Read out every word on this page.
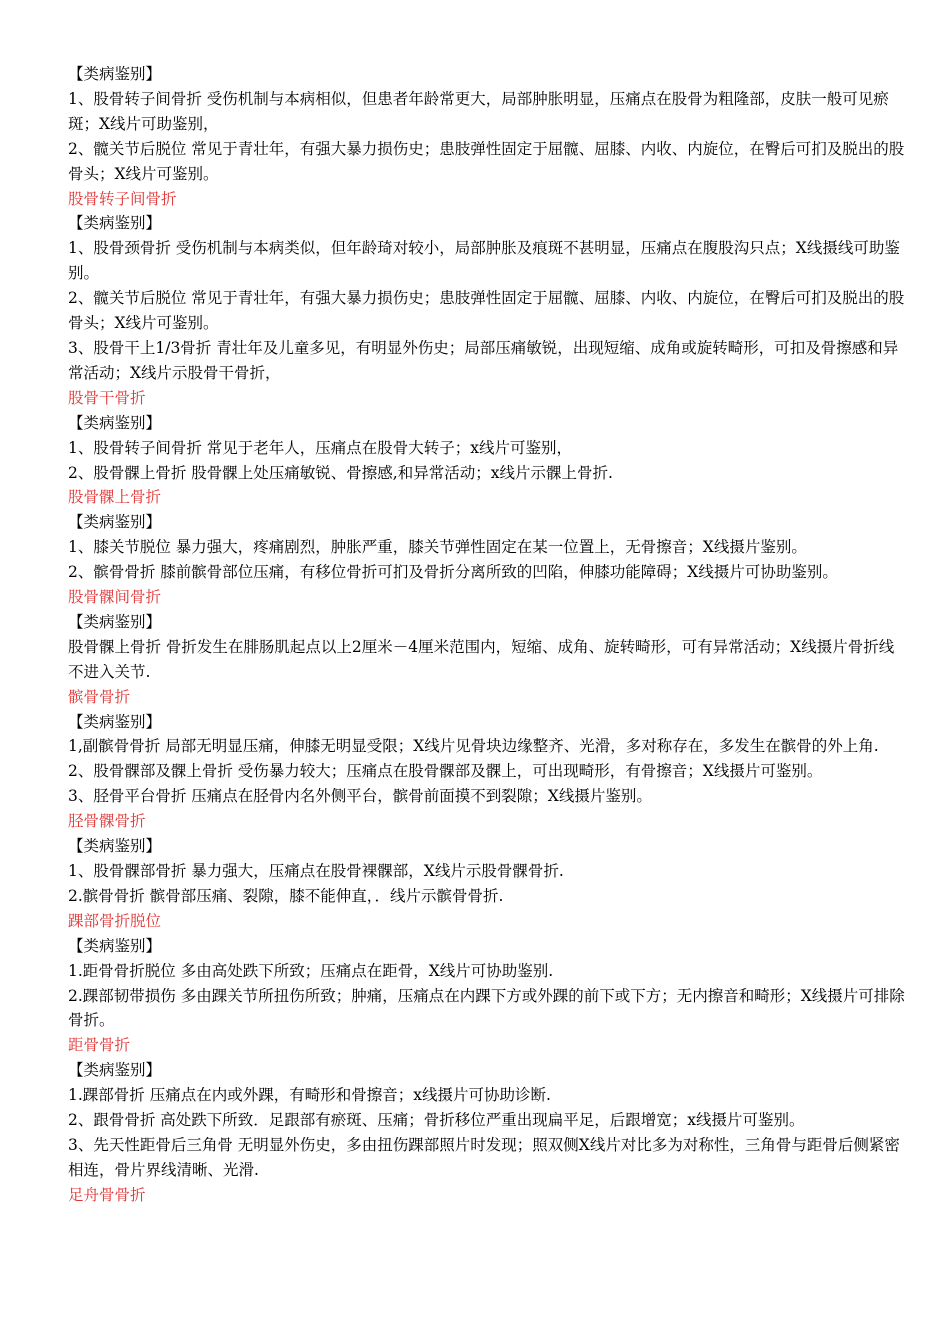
【类病鉴别】
1、股骨转子间骨折 受伤机制与本病相似，但患者年龄常更大，局部肿胀明显，压痛点在股骨为粗隆部，皮肤一般可见瘀斑；X线片可助鉴别，
2、髋关节后脱位 常见于青壮年，有强大暴力损伤史；患肢弹性固定于屈髋、屈膝、内收、内旋位，在臀后可扪及脱出的股骨头；X线片可鉴别。
股骨转子间骨折
【类病鉴别】
1、股骨颈骨折 受伤机制与本病类似，但年龄琦对较小，局部肿胀及痕斑不甚明显，压痛点在腹股沟只点；X线摄线可助鉴别。
2、髋关节后脱位 常见于青壮年，有强大暴力损伤史；患肢弹性固定于屈髋、屈膝、内收、内旋位，在臀后可扪及脱出的股骨头；X线片可鉴别。
3、股骨干上1/3骨折 青壮年及儿童多见，有明显外伤史；局部压痛敏锐，出现短缩、成角或旋转畸形，可扣及骨擦感和异常活动；X线片示股骨干骨折，
股骨干骨折
【类病鉴别】
1、股骨转子间骨折 常见于老年人，压痛点在股骨大转子；x线片可鉴别，
2、股骨髁上骨折 股骨髁上处压痛敏锐、骨擦感,和异常活动；x线片示髁上骨折.
股骨髁上骨折
【类病鉴别】
1、膝关节脱位 暴力强大，疼痛剧烈，肿胀严重，膝关节弹性固定在某一位置上，无骨擦音；X线摄片鉴别。
2、髌骨骨折 膝前髌骨部位压痛，有移位骨折可扪及骨折分离所致的凹陷，伸膝功能障碍；X线摄片可协助鉴别。
股骨髁间骨折
【类病鉴别】
股骨髁上骨折 骨折发生在腓肠肌起点以上2厘米－4厘米范围内，短缩、成角、旋转畸形，可有异常活动；X线摄片骨折线不进入关节.
髌骨骨折
【类病鉴别】
1,副髌骨骨折 局部无明显压痛，伸膝无明显受限；X线片见骨块边缘整齐、光滑，多对称存在，多发生在髌骨的外上角.
2、股骨髁部及髁上骨折 受伤暴力较大；压痛点在股骨髁部及髁上，可出现畸形，有骨擦音；X线摄片可鉴别。
3、胫骨平台骨折 压痛点在胫骨内名外侧平台，髌骨前面摸不到裂隙；X线摄片鉴别。
胫骨髁骨折
【类病鉴别】
1、股骨髁部骨折 暴力强大，压痛点在股骨裸髁部，X线片示股骨髁骨折.
2.髌骨骨折 髌骨部压痛、裂隙，膝不能伸直，．线片示髌骨骨折.
踝部骨折脱位
【类病鉴别】
1.距骨骨折脱位 多由高处跌下所致；压痛点在距骨，X线片可协助鉴别.
2.踝部韧带损伤 多由踝关节所扭伤所致；肿痛，压痛点在内踝下方或外踝的前下或下方；无内擦音和畸形；X线摄片可排除骨折。
距骨骨折
【类病鉴别】
1.踝部骨折 压痛点在内或外踝，有畸形和骨擦音；x线摄片可协助诊断.
2、跟骨骨折 高处跌下所致．足跟部有瘀斑、压痛；骨折移位严重出现扁平足，后跟增宽；x线摄片可鉴别。
3、先天性距骨后三角骨 无明显外伤史，多由扭伤踝部照片时发现；照双侧X线片对比多为对称性，三角骨与距骨后侧紧密相连，骨片界线清晰、光滑.
足舟骨骨折
